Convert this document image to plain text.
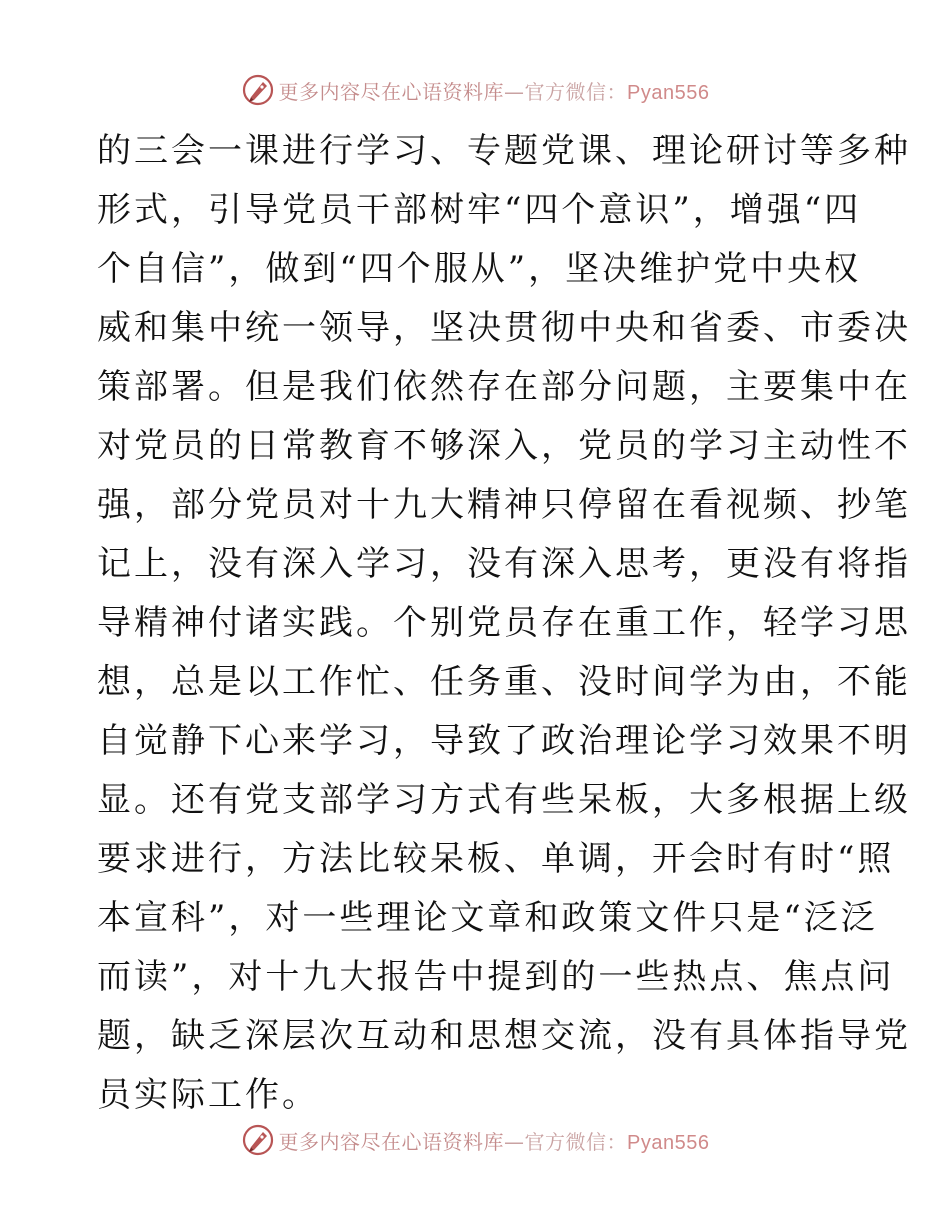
更多内容尽在心语资料库—官方微信：Pyan556
的三会一课进行学习、专题党课、理论研讨等多种
形式，引导党员干部树牢“四个意识”，增强“四
个自信”，做到“四个服从”，坚决维护党中央权
威和集中统一领导，坚决贯彻中央和省委、市委决
策部署。但是我们依然存在部分问题，主要集中在
对党员的日常教育不够深入，党员的学习主动性不
强，部分党员对十九大精神只停留在看视频、抄笔
记上，没有深入学习，没有深入思考，更没有将指
导精神付诸实践。个别党员存在重工作，轻学习思
想，总是以工作忙、任务重、没时间学为由，不能
自觉静下心来学习，导致了政治理论学习效果不明
显。还有党支部学习方式有些呆板，大多根据上级
要求进行，方法比较呆板、单调，开会时有时“照
本宣科”，对一些理论文章和政策文件只是“泛泛
而读”，对十九大报告中提到的一些热点、焦点问
题，缺乏深层次互动和思想交流，没有具体指导党
员实际工作。
更多内容尽在心语资料库—官方微信：Pyan556
